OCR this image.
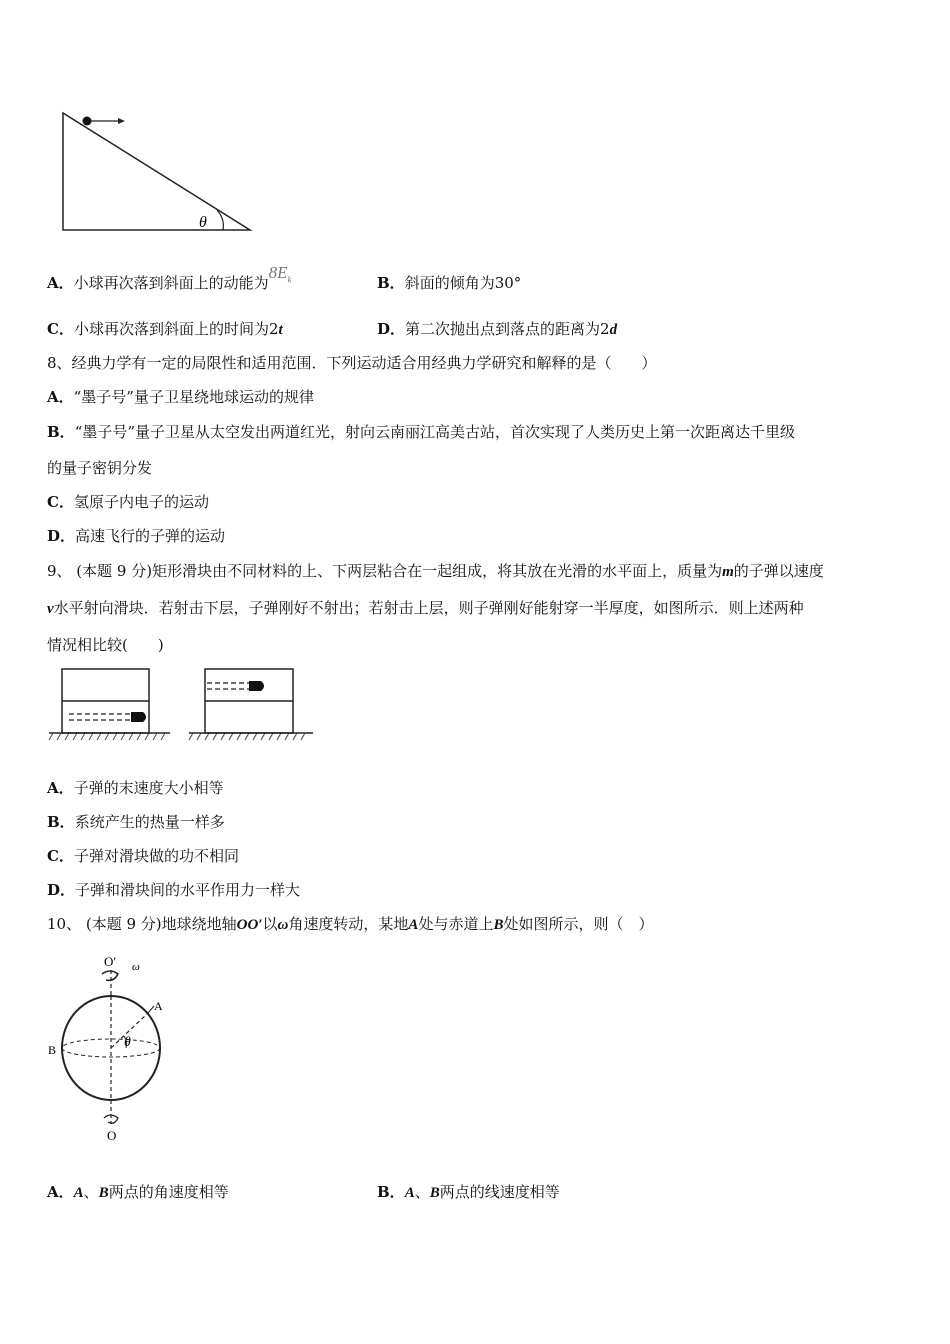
θ
A．小球再次落到斜面上的动能为$8E_k$	B．斜面的倾角为30°
C．小球再次落到斜面上的时间为2t	D．第二次抛出点到落点的距离为2d
8、经典力学有一定的局限性和适用范围．下列运动适合用经典力学研究和解释的是（　　）
A．“墨子号”量子卫星绕地球运动的规律
B．“墨子号”量子卫星从太空发出两道红光，射向云南丽江高美古站，首次实现了人类历史上第一次距离达千里级
的量子密钥分发
C．氢原子内电子的运动
D．高速飞行的子弹的运动
9、 (本题 9 分)矩形滑块由不同材料的上、下两层粘合在一起组成，将其放在光滑的水平面上，质量为m的子弹以速度
v水平射向滑块．若射击下层，子弹刚好不射出；若射击上层，则子弹刚好能射穿一半厚度，如图所示．则上述两种
情况相比较(　　)
A．子弹的末速度大小相等
B．系统产生的热量一样多
C．子弹对滑块做的功不相同
D．子弹和滑块间的水平作用力一样大
10、 (本题 9 分)地球绕地轴OO′以ω角速度转动，某地A处与赤道上B处如图所示，则（　）
O′ ω
A
B	θ
O
A．A、B两点的角速度相等	B．A、B两点的线速度相等
